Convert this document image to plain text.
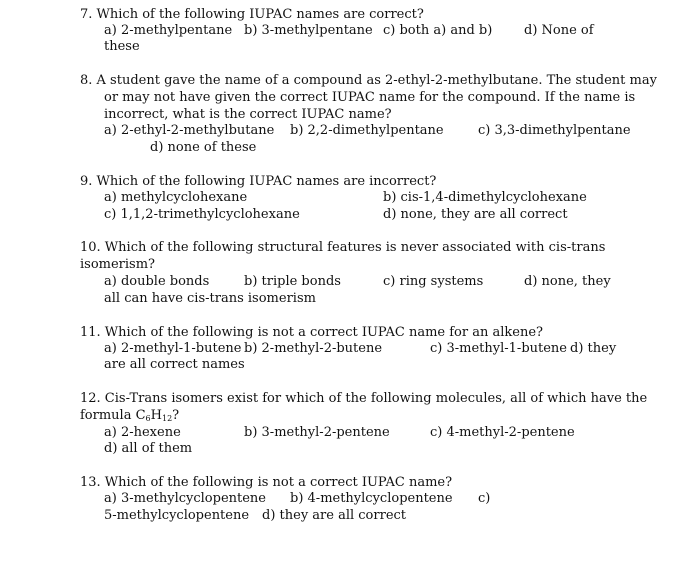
7. Which of the following IUPAC names are correct?
a) 2-methylpentane b) 3-methylpentane c) both a) and b) d) None of
these
8. A student gave the name of a compound as 2-ethyl-2-methylbutane. The student may
or may not have given the correct IUPAC name for the compound. If the name is
incorrect, what is the correct IUPAC name?
a) 2-ethyl-2-methylbutane b) 2,2-dimethylpentane	c) 3,3-dimethylpentane
d) none of these
9. Which of the following IUPAC names are incorrect?
a) methylcyclohexane	b) cis-1,4-dimethylcyclohexane
c) 1,1,2-trimethylcyclohexane	d) none, they are all correct
10. Which of the following structural features is never associated with cis-trans
isomerism?
a) double bonds	b) triple bonds	c) ring systems	d) none, they
all can have cis-trans isomerism
11. Which of the following is not a correct IUPAC name for an alkene?
a) 2-methyl-1-butene b) 2-methyl-2-butene	c) 3-methyl-1-butene d) they
are all correct names
12. Cis-Trans isomers exist for which of the following molecules, all of which have the
formula $C_6H_{12}$?
a) 2-hexene	b) 3-methyl-2-pentene	c) 4-methyl-2-pentene
d) all of them
13. Which of the following is not a correct IUPAC name?
a) 3-methylcyclopentene b) 4-methylcyclopentene c)
5-methylcyclopentene d) they are all correct
